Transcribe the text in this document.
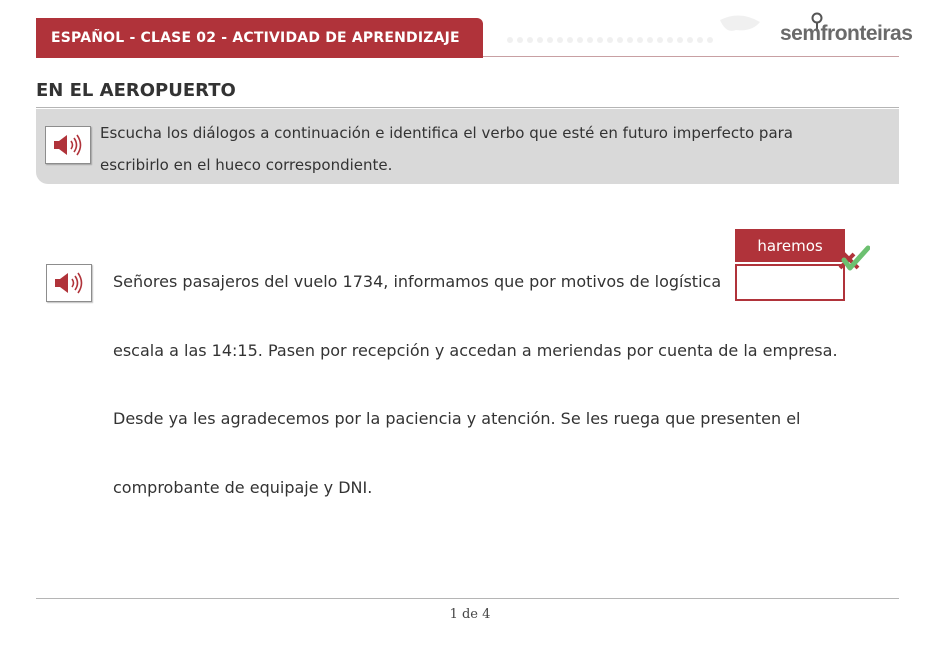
ESPAÑOL - CLASE 02 - ACTIVIDAD DE APRENDIZAJE	semfronteiras
EN EL AEROPUERTO
Escucha los diálogos a continuación e identifica el verbo que esté en futuro imperfecto para escribirlo en el hueco correspondiente.
Señores pasajeros del vuelo 1734, informamos que por motivos de logística
escala a las 14:15. Pasen por recepción y accedan a meriendas por cuenta de la empresa.
Desde ya les agradecemos por la paciencia y atención. Se les ruega que presenten el
comprobante de equipaje y DNI.
haremos
1 de 4
